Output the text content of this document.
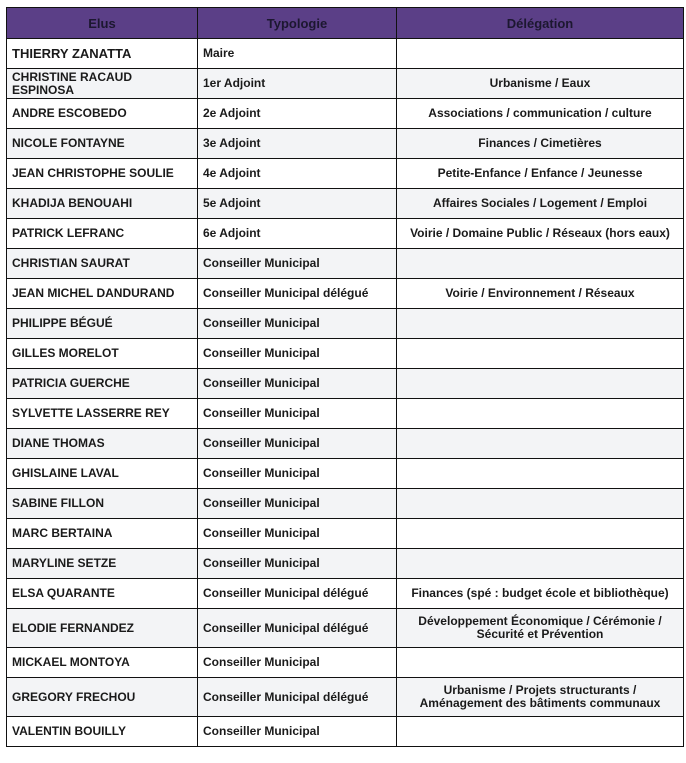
Elus	Typologie	Délégation
THIERRY ZANATTA	Maire	
CHRISTINE RACAUD ESPINOSA	1er Adjoint	Urbanisme / Eaux
ANDRE ESCOBEDO	2e Adjoint	Associations / communication / culture
NICOLE FONTAYNE	3e Adjoint	Finances / Cimetières
JEAN CHRISTOPHE SOULIE	4e Adjoint	Petite-Enfance / Enfance / Jeunesse
KHADIJA BENOUAHI	5e Adjoint	Affaires Sociales / Logement / Emploi
PATRICK LEFRANC	6e Adjoint	Voirie / Domaine Public / Réseaux (hors eaux)
CHRISTIAN SAURAT	Conseiller Municipal	
JEAN MICHEL DANDURAND	Conseiller Municipal délégué	Voirie / Environnement / Réseaux
PHILIPPE BÉGUÉ	Conseiller Municipal	
GILLES MORELOT	Conseiller Municipal	
PATRICIA GUERCHE	Conseiller Municipal	
SYLVETTE LASSERRE REY	Conseiller Municipal	
DIANE THOMAS	Conseiller Municipal	
GHISLAINE LAVAL	Conseiller Municipal	
SABINE FILLON	Conseiller Municipal	
MARC BERTAINA	Conseiller Municipal	
MARYLINE SETZE	Conseiller Municipal	
ELSA QUARANTE	Conseiller Municipal délégué	Finances (spé : budget école et bibliothèque)
ELODIE FERNANDEZ	Conseiller Municipal délégué	Développement Économique / Cérémonie / Sécurité et Prévention
MICKAEL MONTOYA	Conseiller Municipal	
GREGORY FRECHOU	Conseiller Municipal délégué	Urbanisme / Projets structurants / Aménagement des bâtiments communaux
VALENTIN BOUILLY	Conseiller Municipal	
